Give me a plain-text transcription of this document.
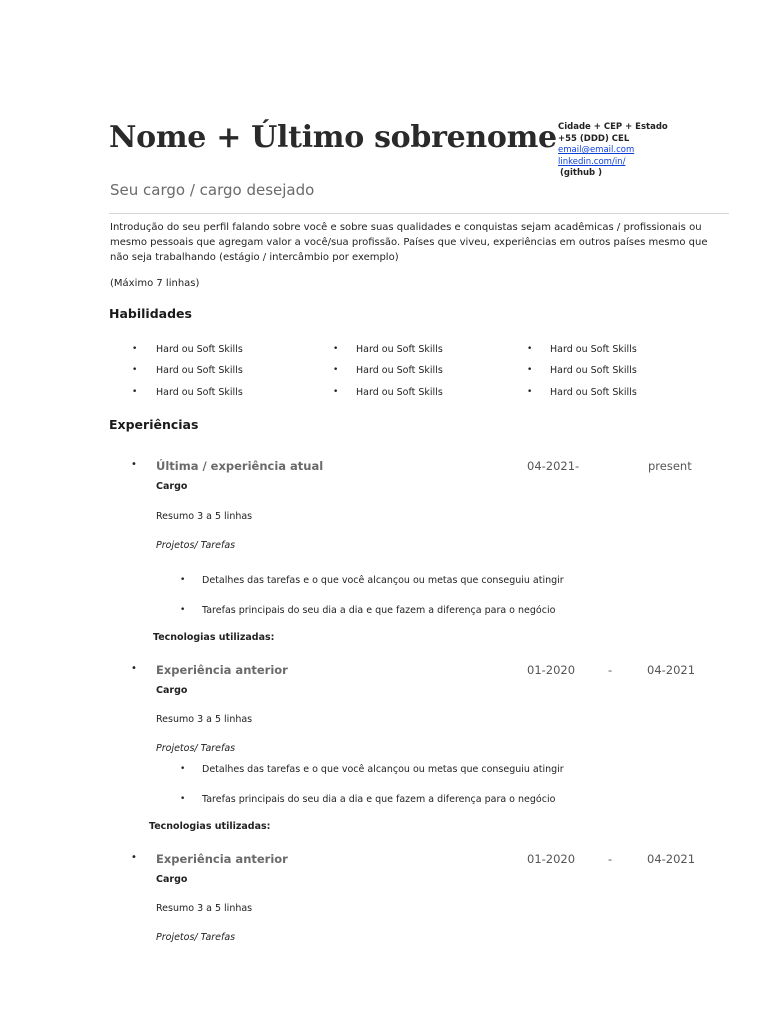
Nome + Último sobrenome
Seu cargo / cargo desejado
Cidade + CEP + Estado
+55 (DDD) CEL
email@email.com
linkedin.com/in/
(github )
Introdução do seu perfil falando sobre você e sobre suas qualidades e conquistas sejam acadêmicas / profissionais ou mesmo pessoais que agregam valor a você/sua profissão. Países que viveu, experiências em outros países mesmo que não seja trabalhando (estágio / intercâmbio por exemplo)
(Máximo 7 linhas)
Habilidades
• Hard ou Soft Skills	• Hard ou Soft Skills	• Hard ou Soft Skills
• Hard ou Soft Skills	• Hard ou Soft Skills	• Hard ou Soft Skills
• Hard ou Soft Skills	• Hard ou Soft Skills	• Hard ou Soft Skills
Experiências
• Última / experiência atual	04-2021-	present
Cargo
Resumo 3 a 5 linhas
Projetos/ Tarefas
• Detalhes das tarefas e o que você alcançou ou metas que conseguiu atingir
• Tarefas principais do seu dia a dia e que fazem a diferença para o negócio
Tecnologias utilizadas:
• Experiência anterior	01-2020	-	04-2021
Cargo
Resumo 3 a 5 linhas
Projetos/ Tarefas
• Detalhes das tarefas e o que você alcançou ou metas que conseguiu atingir
• Tarefas principais do seu dia a dia e que fazem a diferença para o negócio
Tecnologias utilizadas:
• Experiência anterior	01-2020	-	04-2021
Cargo
Resumo 3 a 5 linhas
Projetos/ Tarefas
